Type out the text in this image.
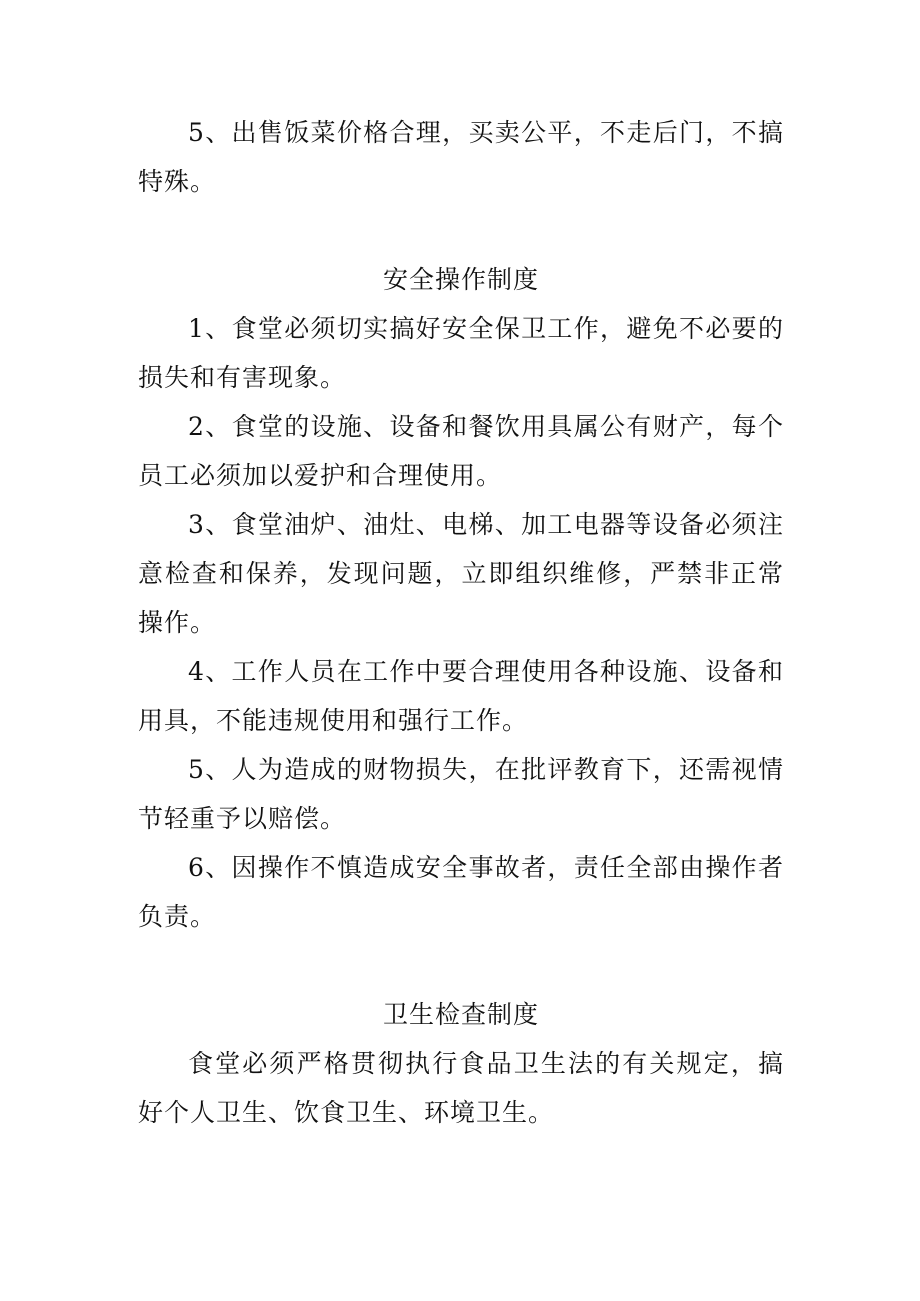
5、出售饭菜价格合理，买卖公平，不走后门，不搞特殊。

安全操作制度

1、食堂必须切实搞好安全保卫工作，避免不必要的损失和有害现象。

2、食堂的设施、设备和餐饮用具属公有财产，每个员工必须加以爱护和合理使用。

3、食堂油炉、油灶、电梯、加工电器等设备必须注意检查和保养，发现问题，立即组织维修，严禁非正常操作。

4、工作人员在工作中要合理使用各种设施、设备和用具，不能违规使用和强行工作。

5、人为造成的财物损失，在批评教育下，还需视情节轻重予以赔偿。

6、因操作不慎造成安全事故者，责任全部由操作者负责。

卫生检查制度

食堂必须严格贯彻执行食品卫生法的有关规定，搞好个人卫生、饮食卫生、环境卫生。
